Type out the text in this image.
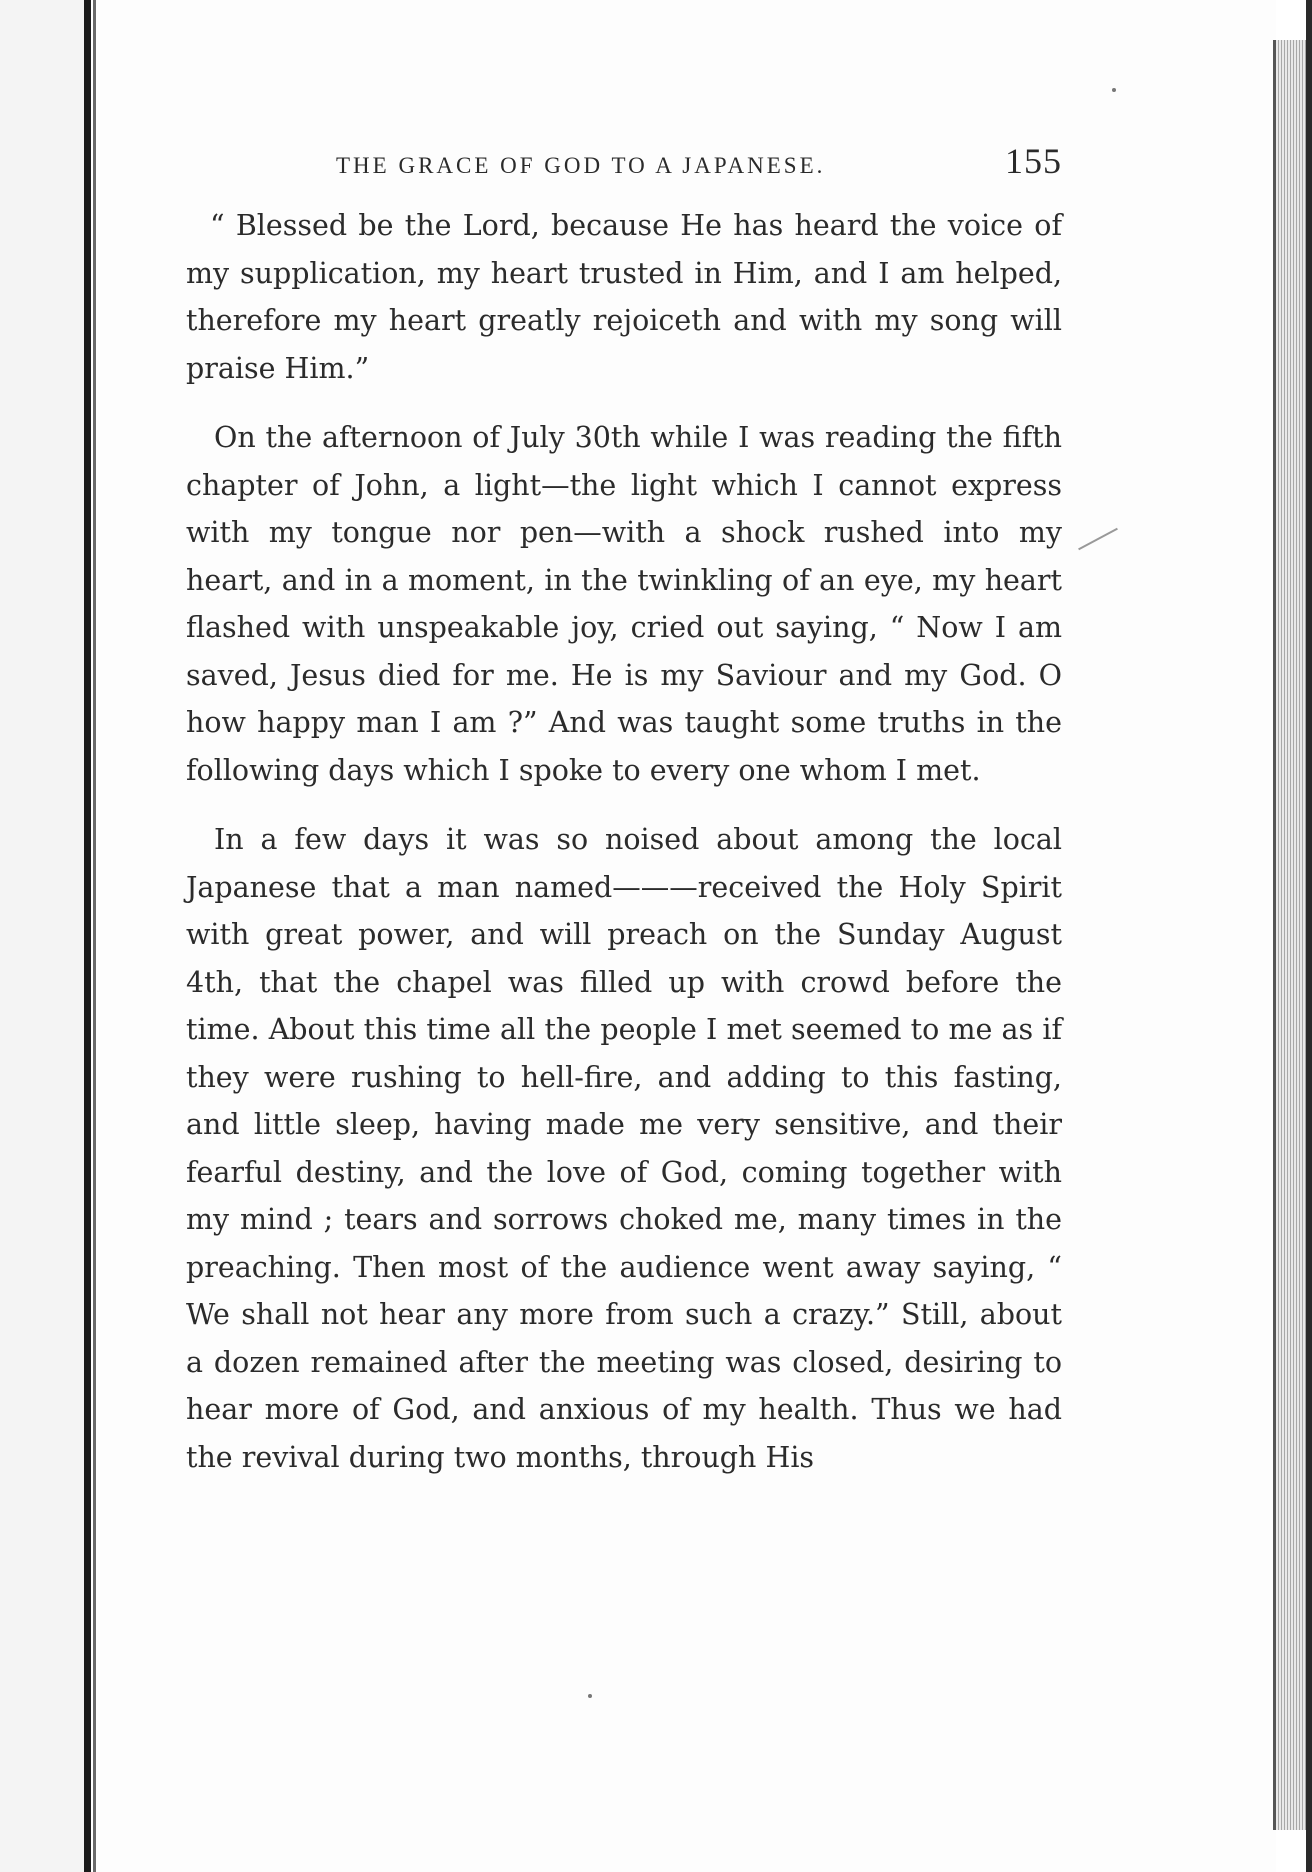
THE GRACE OF GOD TO A JAPANESE.	155

“ Blessed be the Lord, because He has heard the voice of my supplication, my heart trusted in Him, and I am helped, therefore my heart greatly rejoiceth and with my song will praise Him.”

On the afternoon of July 30th while I was reading the fifth chapter of John, a light—the light which I cannot express with my tongue nor pen—with a shock rushed into my heart, and in a moment, in the twinkling of an eye, my heart flashed with unspeakable joy, cried out saying, “ Now I am saved, Jesus died for me. He is my Saviour and my God. O how happy man I am ?” And was taught some truths in the following days which I spoke to every one whom I met.

In a few days it was so noised about among the local Japanese that a man named———received the Holy Spirit with great power, and will preach on the Sunday August 4th, that the chapel was filled up with crowd before the time. About this time all the people I met seemed to me as if they were rushing to hell-fire, and adding to this fasting, and little sleep, having made me very sensitive, and their fearful destiny, and the love of God, coming together with my mind ; tears and sorrows choked me, many times in the preaching. Then most of the audience went away saying, “ We shall not hear any more from such a crazy.” Still, about a dozen remained after the meeting was closed, desiring to hear more of God, and anxious of my health. Thus we had the revival during two months, through His
